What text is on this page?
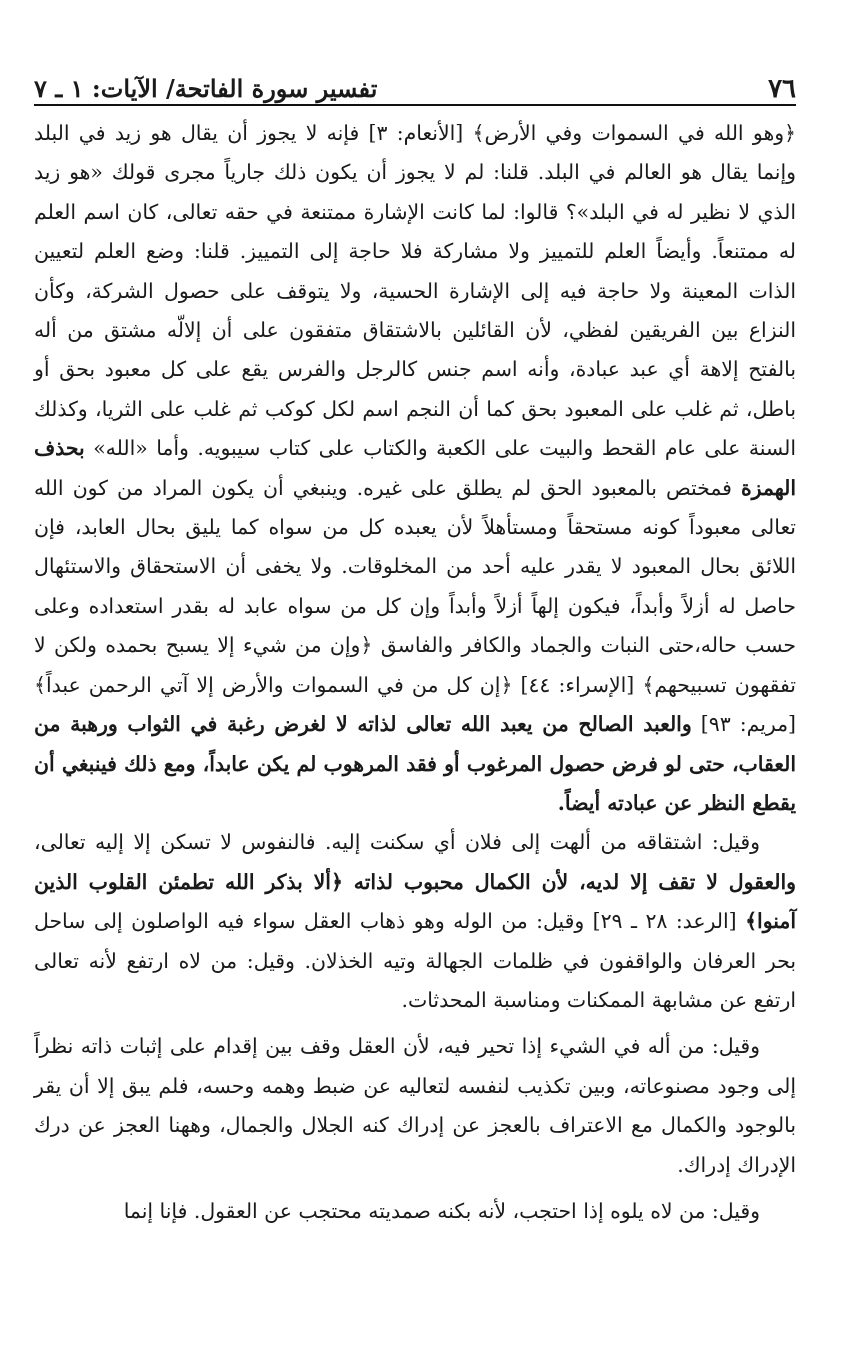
٧٦
تفسير سورة الفاتحة/ الآيات: ١ ـ ٧

﴿وهو الله في السموات وفي الأرض﴾ [الأنعام: ٣] فإنه لا يجوز أن يقال هو زيد في البلد وإنما يقال هو العالم في البلد. قلنا: لم لا يجوز أن يكون ذلك جارياً مجرى قولك «هو زيد الذي لا نظير له في البلد»؟ قالوا: لما كانت الإشارة ممتنعة في حقه تعالى، كان اسم العلم له ممتنعاً. وأيضاً العلم للتمييز ولا مشاركة فلا حاجة إلى التمييز. قلنا: وضع العلم لتعيين الذات المعينة ولا حاجة فيه إلى الإشارة الحسية، ولا يتوقف على حصول الشركة، وكأن النزاع بين الفريقين لفظي، لأن القائلين بالاشتقاق متفقون على أن إلالّه مشتق من أله بالفتح إلاهة أي عبد عبادة، وأنه اسم جنس كالرجل والفرس يقع على كل معبود بحق أو باطل، ثم غلب على المعبود بحق كما أن النجم اسم لكل كوكب ثم غلب على الثريا، وكذلك السنة على عام القحط والبيت على الكعبة والكتاب على كتاب سيبويه. وأما «الله» بحذف الهمزة فمختص بالمعبود الحق لم يطلق على غيره. وينبغي أن يكون المراد من كون الله تعالى معبوداً كونه مستحقاً ومستأهلاً لأن يعبده كل من سواه كما يليق بحال العابد، فإن اللائق بحال المعبود لا يقدر عليه أحد من المخلوقات. ولا يخفى أن الاستحقاق والاستئهال حاصل له أزلاً وأبداً، فيكون إلهاً أزلاً وأبداً وإن كل من سواه عابد له بقدر استعداده وعلى حسب حاله،حتى النبات والجماد والكافر والفاسق ﴿وإن من شيء إلا يسبح بحمده ولكن لا تفقهون تسبيحهم﴾ [الإسراء: ٤٤] ﴿إن كل من في السموات والأرض إلا آتي الرحمن عبداً﴾ [مريم: ٩٣] والعبد الصالح من يعبد الله تعالى لذاته لا لغرض رغبة في الثواب ورهبة من العقاب، حتى لو فرض حصول المرغوب أو فقد المرهوب لم يكن عابداً، ومع ذلك فينبغي أن يقطع النظر عن عبادته أيضاً.

وقيل: اشتقاقه من ألهت إلى فلان أي سكنت إليه. فالنفوس لا تسكن إلا إليه تعالى، والعقول لا تقف إلا لديه، لأن الكمال محبوب لذاته ﴿ألا بذكر الله تطمئن القلوب الذين آمنوا﴾ [الرعد: ٢٨ ـ ٢٩] وقيل: من الوله وهو ذهاب العقل سواء فيه الواصلون إلى ساحل بحر العرفان والواقفون في ظلمات الجهالة وتيه الخذلان. وقيل: من لاه ارتفع لأنه تعالى ارتفع عن مشابهة الممكنات ومناسبة المحدثات.

وقيل: من أله في الشيء إذا تحير فيه، لأن العقل وقف بين إقدام على إثبات ذاته نظراً إلى وجود مصنوعاته، وبين تكذيب لنفسه لتعاليه عن ضبط وهمه وحسه، فلم يبق إلا أن يقر بالوجود والكمال مع الاعتراف بالعجز عن إدراك كنه الجلال والجمال، وههنا العجز عن درك الإدراك إدراك.

وقيل: من لاه يلوه إذا احتجب، لأنه بكنه صمديته محتجب عن العقول. فإنا إنما
